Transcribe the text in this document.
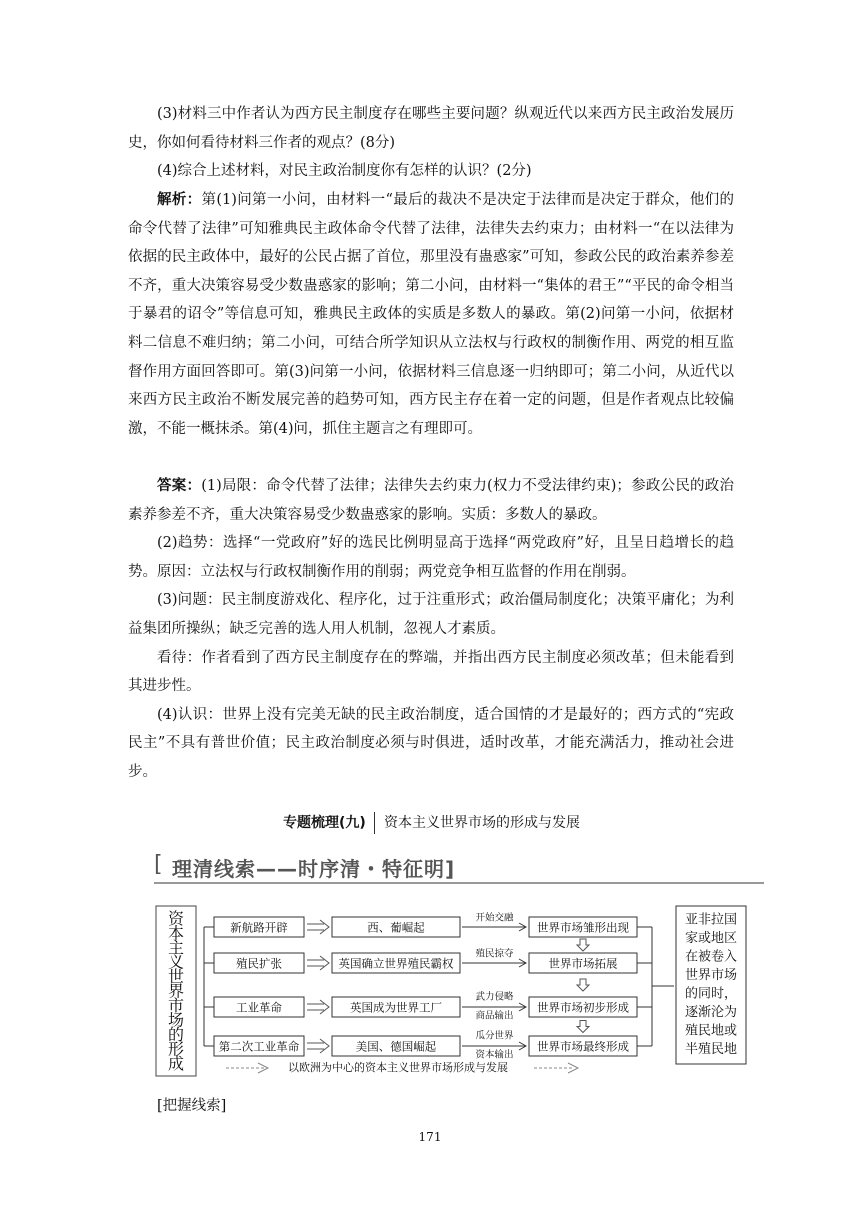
(3)材料三中作者认为西方民主制度存在哪些主要问题？纵观近代以来西方民主政治发展历史，你如何看待材料三作者的观点？(8分)

(4)综合上述材料，对民主政治制度你有怎样的认识？(2分)

解析：第(1)问第一小问，由材料一“最后的裁决不是决定于法律而是决定于群众，他们的命令代替了法律”可知雅典民主政体命令代替了法律，法律失去约束力；由材料一“在以法律为依据的民主政体中，最好的公民占据了首位，那里没有蛊惑家”可知，参政公民的政治素养参差不齐，重大决策容易受少数蛊惑家的影响；第二小问，由材料一“集体的君王”“平民的命令相当于暴君的诏令”等信息可知，雅典民主政体的实质是多数人的暴政。第(2)问第一小问，依据材料二信息不难归纳；第二小问，可结合所学知识从立法权与行政权的制衡作用、两党的相互监督作用方面回答即可。第(3)问第一小问，依据材料三信息逐一归纳即可；第二小问，从近代以来西方民主政治不断发展完善的趋势可知，西方民主存在着一定的问题，但是作者观点比较偏激，不能一概抹杀。第(4)问，抓住主题言之有理即可。

答案：(1)局限：命令代替了法律；法律失去约束力(权力不受法律约束)；参政公民的政治素养参差不齐，重大决策容易受少数蛊惑家的影响。实质：多数人的暴政。

(2)趋势：选择“一党政府”好的选民比例明显高于选择“两党政府”好，且呈日趋增长的趋势。原因：立法权与行政权制衡作用的削弱；两党竞争相互监督的作用在削弱。

(3)问题：民主制度游戏化、程序化，过于注重形式；政治僵局制度化；决策平庸化；为利益集团所操纵；缺乏完善的选人用人机制，忽视人才素质。

看待：作者看到了西方民主制度存在的弊端，并指出西方民主制度必须改革；但未能看到其进步性。

(4)认识：世界上没有完美无缺的民主政治制度，适合国情的才是最好的；西方式的“宪政民主”不具有普世价值；民主政治制度必须与时俱进，适时改革，才能充满活力，推动社会进步。

专题梳理(九) 资本主义世界市场的形成与发展
[ 理清线索——时序清・特征明]
资
本
主
义
世
界
市
场
的
形
成
新航路开辟	西、葡崛起
开始交融
世界市场雏形出现
殖民扩张	英国确立世界殖民霸权
殖民掠夺
世界市场拓展
工业革命	英国成为世界工厂
武力侵略
商品输出
世界市场初步形成
第二次工业革命	美国、德国崛起
瓜分世界
资本输出
世界市场最终形成
亚非拉国
家或地区
在被卷入
世界市场
的同时，
逐渐沦为
殖民地或
半殖民地
以欧洲为中心的资本主义世界市场形成与发展
[把握线索]
171
